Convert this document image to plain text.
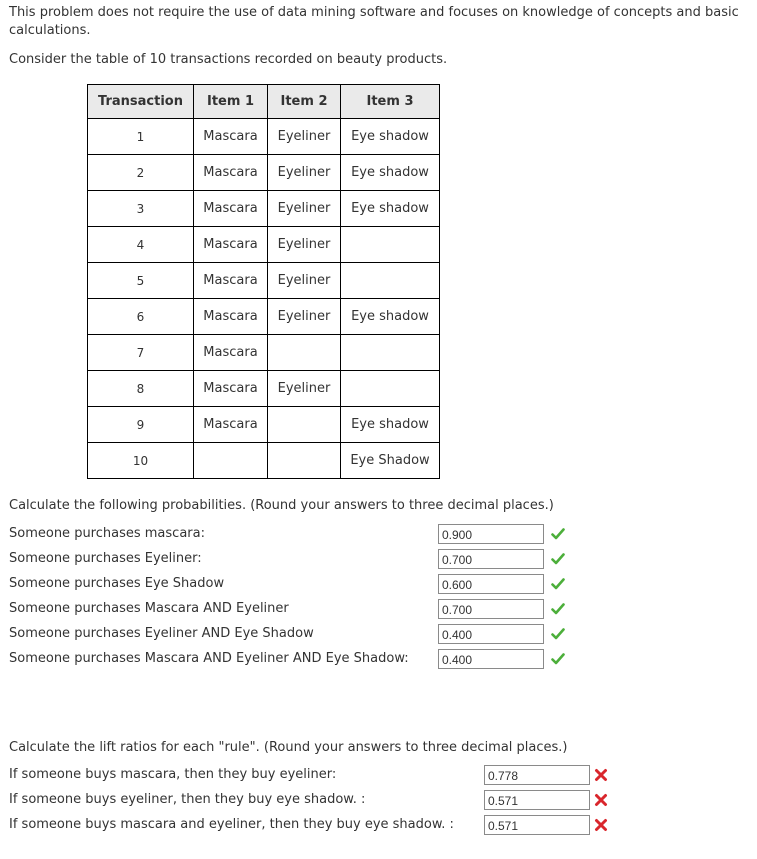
This problem does not require the use of data mining software and focuses on knowledge of concepts and basic calculations.
Consider the table of 10 transactions recorded on beauty products.
Transaction	Item 1	Item 2	Item 3
1	Mascara	Eyeliner	Eye shadow
2	Mascara	Eyeliner	Eye shadow
3	Mascara	Eyeliner	Eye shadow
4	Mascara	Eyeliner	
5	Mascara	Eyeliner	
6	Mascara	Eyeliner	Eye shadow
7	Mascara		
8	Mascara	Eyeliner	
9	Mascara		Eye shadow
10			Eye Shadow
Calculate the following probabilities. (Round your answers to three decimal places.)
Someone purchases mascara:	0.900
Someone purchases Eyeliner:	0.700
Someone purchases Eye Shadow	0.600
Someone purchases Mascara AND Eyeliner	0.700
Someone purchases Eyeliner AND Eye Shadow	0.400
Someone purchases Mascara AND Eyeliner AND Eye Shadow:	0.400
Calculate the lift ratios for each "rule". (Round your answers to three decimal places.)
If someone buys mascara, then they buy eyeliner:	0.778
If someone buys eyeliner, then they buy eye shadow. :	0.571
If someone buys mascara and eyeliner, then they buy eye shadow. :	0.571
